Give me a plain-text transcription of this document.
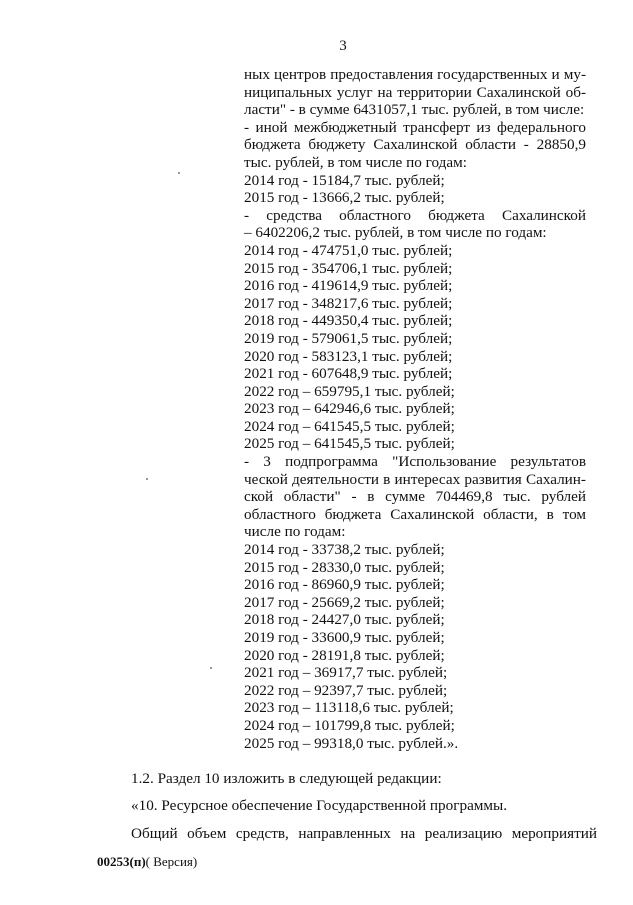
3
ных центров предоставления государственных и му-
ниципальных услуг на территории Сахалинской об-
ласти" - в сумме 6431057,1 тыс. рублей, в том числе:
- иной межбюджетный трансферт из федерального
бюджета бюджету Сахалинской области - 28850,9
тыс. рублей, в том числе по годам:
2014 год - 15184,7 тыс. рублей;
2015 год - 13666,2 тыс. рублей;
- средства областного бюджета Сахалинской
– 6402206,2 тыс. рублей, в том числе по годам:
2014 год - 474751,0 тыс. рублей;
2015 год - 354706,1 тыс. рублей;
2016 год - 419614,9 тыс. рублей;
2017 год - 348217,6 тыс. рублей;
2018 год - 449350,4 тыс. рублей;
2019 год - 579061,5 тыс. рублей;
2020 год - 583123,1 тыс. рублей;
2021 год - 607648,9 тыс. рублей;
2022 год – 659795,1 тыс. рублей;
2023 год – 642946,6 тыс. рублей;
2024 год – 641545,5 тыс. рублей;
2025 год – 641545,5 тыс. рублей;
- 3 подпрограмма "Использование результатов
ческой деятельности в интересах развития Сахалин-
ской области" - в сумме 704469,8 тыс. рублей
областного бюджета Сахалинской области, в том
числе по годам:
2014 год - 33738,2 тыс. рублей;
2015 год - 28330,0 тыс. рублей;
2016 год - 86960,9 тыс. рублей;
2017 год - 25669,2 тыс. рублей;
2018 год - 24427,0 тыс. рублей;
2019 год - 33600,9 тыс. рублей;
2020 год - 28191,8 тыс. рублей;
2021 год – 36917,7 тыс. рублей;
2022 год – 92397,7 тыс. рублей;
2023 год – 113118,6 тыс. рублей;
2024 год – 101799,8 тыс. рублей;
2025 год – 99318,0 тыс. рублей.».
1.2. Раздел 10 изложить в следующей редакции:
«10. Ресурсное обеспечение Государственной программы.
Общий объем средств, направленных на реализацию мероприятий
00253(п)( Версия)
